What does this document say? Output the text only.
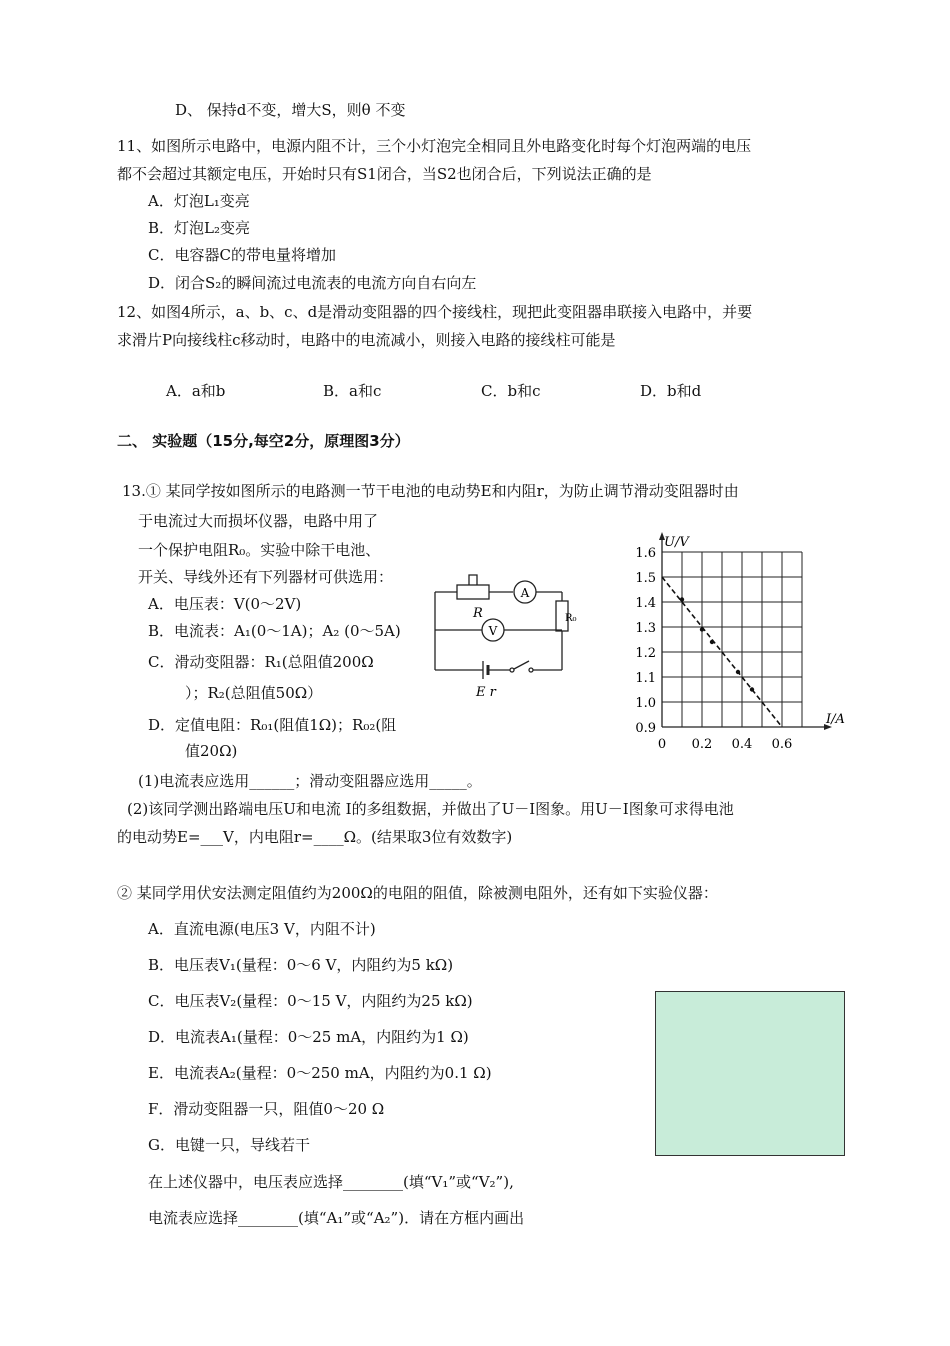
D、 保持d不变，增大S，则θ 不变
11、如图所示电路中，电源内阻不计，三个小灯泡完全相同且外电路变化时每个灯泡两端的电压
都不会超过其额定电压，开始时只有S1闭合，当S2也闭合后，下列说法正确的是
A．灯泡L₁变亮
B．灯泡L₂变亮
C．电容器C的带电量将增加
D．闭合S₂的瞬间流过电流表的电流方向自右向左
12、如图4所示，a、b、c、d是滑动变阻器的四个接线柱，现把此变阻器串联接入电路中，并要
求滑片P向接线柱c移动时，电路中的电流减小，则接入电路的接线柱可能是
A．a和b	B．a和c	C．b和c	D．b和d
二、 实验题（15分,每空2分，原理图3分）
13.① 某同学按如图所示的电路测一节干电池的电动势E和内阻r，为防止调节滑动变阻器时由
于电流过大而损坏仪器，电路中用了
一个保护电阻R₀。实验中除干电池、
开关、导线外还有下列器材可供选用：
A．电压表：V(0～2V)
B．电流表：A₁(0～1A)；A₂ (0～5A)
C．滑动变阻器：R₁(总阻值200Ω
）；R₂(总阻值50Ω）
D．定值电阻：R₀₁(阻值1Ω)；R₀₂(阻
值20Ω)
(1)电流表应选用______；滑动变阻器应选用_____。
(2)该同学测出路端电压U和电流 I的多组数据，并做出了U－I图象。用U－I图象可求得电池
的电动势E=___V，内电阻r=____Ω。(结果取3位有效数字)
② 某同学用伏安法测定阻值约为200Ω的电阻的阻值，除被测电阻外，还有如下实验仪器：
A．直流电源(电压3 V，内阻不计)
B．电压表V₁(量程：0～6 V，内阻约为5 kΩ)
C．电压表V₂(量程：0～15 V，内阻约为25 kΩ)
D．电流表A₁(量程：0～25 mA，内阻约为1 Ω)
E．电流表A₂(量程：0～250 mA，内阻约为0.1 Ω)
F．滑动变阻器一只，阻值0～20 Ω
G．电键一只，导线若干
在上述仪器中，电压表应选择________(填“V₁”或“V₂”),
电流表应选择________(填“A₁”或“A₂”)．请在方框内画出
R
A
V
R₀
E r
1.6
1.5
1.4
1.3
1.2
1.1
1.0
0.9
0 0.2 0.4 0.6
U/V
I/A
